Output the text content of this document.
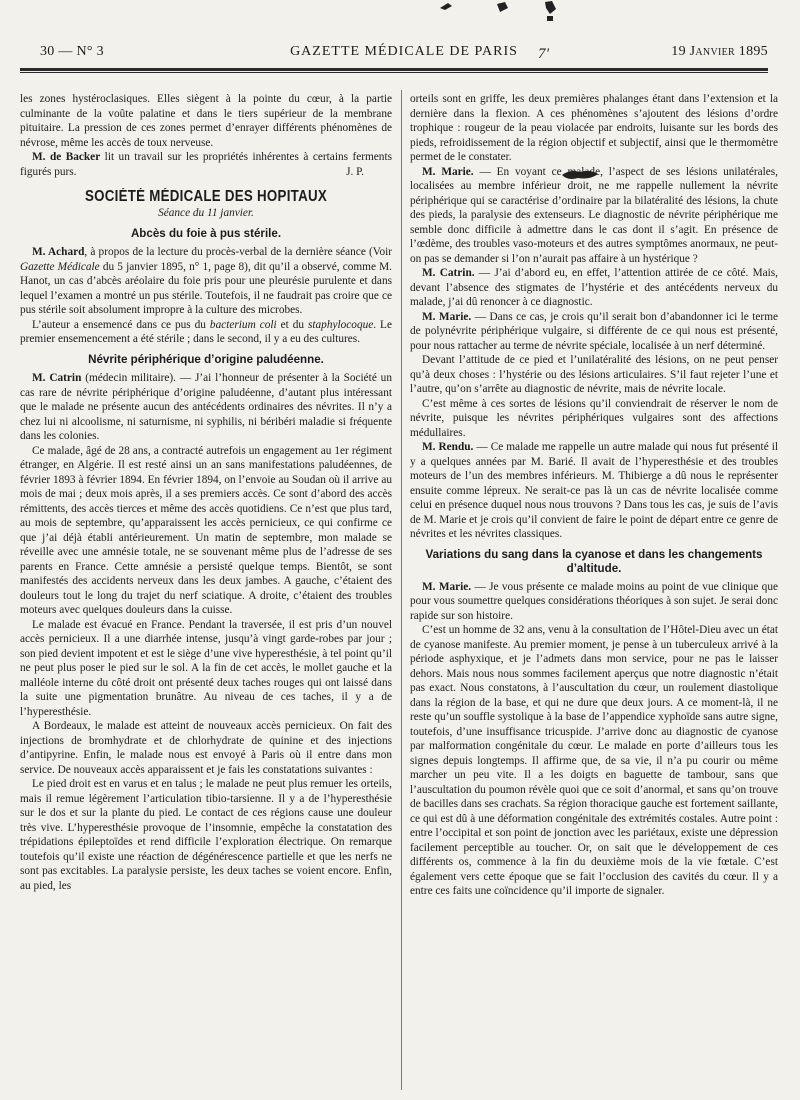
30 — N° 3	GAZETTE MÉDICALE DE PARIS	7'	19 Janvier 1895

les zones hystéroclasiques. Elles siègent à la pointe du cœur, à la partie culminante de la voûte palatine et dans le tiers supérieur de la membrane pituitaire. La pression de ces zones permet d’enrayer différents phénomènes de névrose, même les accès de toux nerveuse.

M. de Backer lit un travail sur les propriétés inhérentes à certains ferments figurés purs.	J. P.
SOCIÉTÉ MÉDICALE DES HOPITAUX
Séance du 11 janvier.
Abcès du foie à pus stérile.

M. Achard, à propos de la lecture du procès-verbal de la dernière séance (Voir Gazette Médicale du 5 janvier 1895, n° 1, page 8), dit qu’il a observé, comme M. Hanot, un cas d’abcès aréolaire du foie pris pour une pleurésie purulente et dans lequel l’examen a montré un pus stérile. Toutefois, il ne faudrait pas croire que ce pus stérile soit absolument impropre à la culture des microbes.

L’auteur a ensemencé dans ce pus du bacterium coli et du staphylocoque. Le premier ensemencement a été stérile ; dans le second, il y a eu des cultures.

Névrite périphérique d’origine paludéenne.

M. Catrin (médecin militaire). — J’ai l’honneur de présenter à la Société un cas rare de névrite périphérique d’origine paludéenne, d’autant plus intéressant que le malade ne présente aucun des antécédents ordinaires des névrites. Il n’y a chez lui ni alcoolisme, ni saturnisme, ni syphilis, ni béribéri maladie si fréquente dans les colonies.

Ce malade, âgé de 28 ans, a contracté autrefois un engagement au 1er régiment étranger, en Algérie. Il est resté ainsi un an sans manifestations paludéennes, de février 1893 à février 1894. En février 1894, on l’envoie au Soudan où il arrive au mois de mai ; deux mois après, il a ses premiers accès. Ce sont d’abord des accès rémittents, des accès tierces et même des accès quotidiens. Ce n’est que plus tard, au mois de septembre, qu’apparaissent les accès pernicieux, ce qui confirme ce que j’ai déjà établi antérieurement. Un matin de septembre, mon malade se réveille avec une amnésie totale, ne se souvenant même plus de l’adresse de ses parents en France. Cette amnésie a persisté quelque temps. Bientôt, se sont manifestés des accidents nerveux dans les deux jambes. A gauche, c’étaient des douleurs tout le long du trajet du nerf sciatique. A droite, c’étaient des troubles moteurs avec quelques douleurs dans la cuisse.

Le malade est évacué en France. Pendant la traversée, il est pris d’un nouvel accès pernicieux. Il a une diarrhée intense, jusqu’à vingt garde-robes par jour ; son pied devient impotent et est le siège d’une vive hyperesthésie, à tel point qu’il ne peut plus poser le pied sur le sol. A la fin de cet accès, le mollet gauche et la malléole interne du côté droit ont présenté deux taches rouges qui ont laissé dans la suite une pigmentation brunâtre. Au niveau de ces taches, il y a de l’hyperesthésie.

A Bordeaux, le malade est atteint de nouveaux accès pernicieux. On fait des injections de bromhydrate et de chlorhydrate de quinine et des injections d’antipyrine. Enfin, le malade nous est envoyé à Paris où il entre dans mon service. De nouveaux accès apparaissent et je fais les constatations suivantes :

Le pied droit est en varus et en talus ; le malade ne peut plus remuer les orteils, mais il remue légèrement l’articulation tibio-tarsienne. Il y a de l’hyperesthésie sur le dos et sur la plante du pied. Le contact de ces régions cause une douleur très vive. L’hyperesthésie provoque de l’insomnie, empêche la constatation des trépidations épileptoïdes et rend difficile l’exploration électrique. On remarque toutefois qu’il existe une réaction de dégénérescence partielle et que les nerfs ne sont pas excitables. La paralysie persiste, les deux taches se voient encore. Enfin, au pied, les

orteils sont en griffe, les deux premières phalanges étant dans l’extension et la dernière dans la flexion. A ces phénomènes s’ajoutent des lésions d’ordre trophique : rougeur de la peau violacée par endroits, luisante sur les bords des pieds, refroidissement de la région objectif et subjectif, ainsi que le thermomètre permet de le constater.

M. Marie. — En voyant ce malade, l’aspect de ses lésions unilatérales, localisées au membre inférieur droit, ne me rappelle nullement la névrite périphérique qui se caractérise d’ordinaire par la bilatéralité des lésions, la chute des pieds, la paralysie des extenseurs. Le diagnostic de névrite périphérique me semble donc difficile à admettre dans le cas dont il s’agit. En présence de l’œdème, des troubles vaso-moteurs et des autres symptômes anormaux, ne peut-on pas se demander si l’on n’aurait pas affaire à un hystérique ?

M. Catrin. — J’ai d’abord eu, en effet, l’attention attirée de ce côté. Mais, devant l’absence des stigmates de l’hystérie et des antécédents nerveux du malade, j’ai dû renoncer à ce diagnostic.

M. Marie. — Dans ce cas, je crois qu’il serait bon d’abandonner ici le terme de polynévrite périphérique vulgaire, si différente de ce qui nous est présenté, pour nous rattacher au terme de névrite spéciale, localisée à un nerf déterminé.

Devant l’attitude de ce pied et l’unilatéralité des lésions, on ne peut penser qu’à deux choses : l’hystérie ou des lésions articulaires. S’il faut rejeter l’une et l’autre, qu’on s’arrête au diagnostic de névrite, mais de névrite locale.

C’est même à ces sortes de lésions qu’il conviendrait de réserver le nom de névrite, puisque les névrites périphériques vulgaires sont des affections médullaires.

M. Rendu. — Ce malade me rappelle un autre malade qui nous fut présenté il y a quelques années par M. Barié. Il avait de l’hyperesthésie et des troubles moteurs de l’un des membres inférieurs. M. Thibierge a dû nous le représenter ensuite comme lépreux. Ne serait-ce pas là un cas de névrite localisée comme celui en présence duquel nous nous trouvons ? Dans tous les cas, je suis de l’avis de M. Marie et je crois qu’il convient de faire le point de départ entre ce genre de névrites et les névrites classiques.

Variations du sang dans la cyanose et dans les changements d’altitude.

M. Marie. — Je vous présente ce malade moins au point de vue clinique que pour vous soumettre quelques considérations théoriques à son sujet. Je serai donc rapide sur son histoire.

C’est un homme de 32 ans, venu à la consultation de l’Hôtel-Dieu avec un état de cyanose manifeste. Au premier moment, je pense à un tuberculeux arrivé à la période asphyxique, et je l’admets dans mon service, pour ne pas le laisser dehors. Mais nous nous sommes facilement aperçus que notre diagnostic n’était pas exact. Nous constatons, à l’auscultation du cœur, un roulement diastolique dans la région de la base, et qui ne dure que deux jours. A ce moment-là, il ne reste qu’un souffle systolique à la base de l’appendice xyphoïde sans autre signe, toutefois, d’une insuffisance tricuspide. J’arrive donc au diagnostic de cyanose par malformation congénitale du cœur. Le malade en porte d’ailleurs tous les signes depuis longtemps. Il affirme que, de sa vie, il n’a pu courir ou même marcher un peu vite. Il a les doigts en baguette de tambour, sans que l’auscultation du poumon révèle quoi que ce soit d’anormal, et sans qu’on trouve de bacilles dans ses crachats. Sa région thoracique gauche est fortement saillante, ce qui est dû à une déformation congénitale des extrémités costales. Autre point : entre l’occipital et son point de jonction avec les pariétaux, existe une dépression facilement perceptible au toucher. Or, on sait que le développement de ces différents os, commence à la fin du deuxième mois de la vie fœtale. C’est également vers cette époque que se fait l’occlusion des cavités du cœur. Il y a entre ces faits une coïncidence qu’il importe de signaler.
